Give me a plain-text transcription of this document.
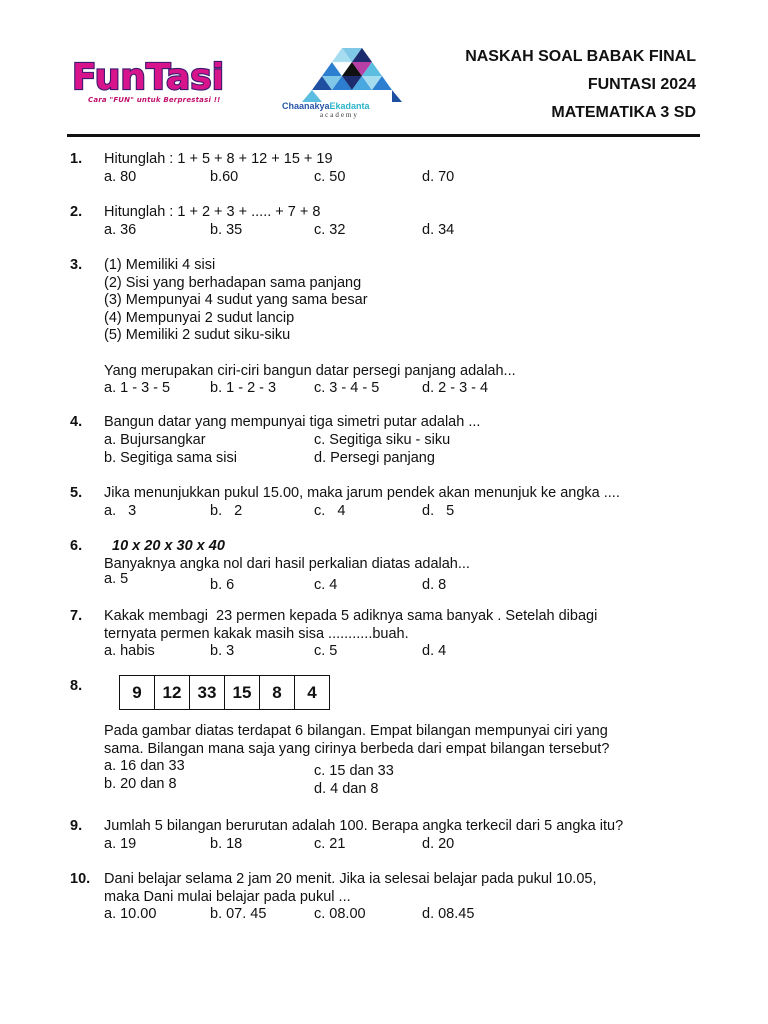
FunTasi
Cara "FUN" untuk Berprestasi !!
ChaanakyaEkadanta
academy
NASKAH SOAL BABAK FINAL
FUNTASI 2024
MATEMATIKA 3 SD
1. Hitunglah : 1 + 5 + 8 + 12 + 15 + 19
a. 80	b.60	c. 50	d. 70
2. Hitunglah : 1 + 2 + 3 + ..... + 7 + 8
a. 36	b. 35	c. 32	d. 34
3. (1) Memiliki 4 sisi
(2) Sisi yang berhadapan sama panjang
(3) Mempunyai 4 sudut yang sama besar
(4) Mempunyai 2 sudut lancip
(5) Memiliki 2 sudut siku-siku
Yang merupakan ciri-ciri bangun datar persegi panjang adalah...
a. 1 - 3 - 5	b. 1 - 2 - 3	c. 3 - 4 - 5	d. 2 - 3 - 4
4. Bangun datar yang mempunyai tiga simetri putar adalah ...
a. Bujursangkar	c. Segitiga siku - siku
b. Segitiga sama sisi	d. Persegi panjang
5. Jika menunjukkan pukul 15.00, maka jarum pendek akan menunjuk ke angka ....
a.   3	b.   2	c.   4	d.   5
6.	10 x 20 x 30 x 40
Banyaknya angka nol dari hasil perkalian diatas adalah...
a. 5	b. 6	c. 4	d. 8
7. Kakak membagi  23 permen kepada 5 adiknya sama banyak . Setelah dibagi
ternyata permen kakak masih sisa ...........buah.
a. habis	b. 3	c. 5	d. 4
8.	9	12	33	15	8	4
Pada gambar diatas terdapat 6 bilangan. Empat bilangan mempunyai ciri yang
sama. Bilangan mana saja yang cirinya berbeda dari empat bilangan tersebut?
a. 16 dan 33	c. 15 dan 33
b. 20 dan 8	d. 4 dan 8
9. Jumlah 5 bilangan berurutan adalah 100. Berapa angka terkecil dari 5 angka itu?
a. 19	b. 18	c. 21	d. 20
10. Dani belajar selama 2 jam 20 menit. Jika ia selesai belajar pada pukul 10.05,
maka Dani mulai belajar pada pukul ...
a. 10.00	b. 07. 45	c. 08.00	d. 08.45
